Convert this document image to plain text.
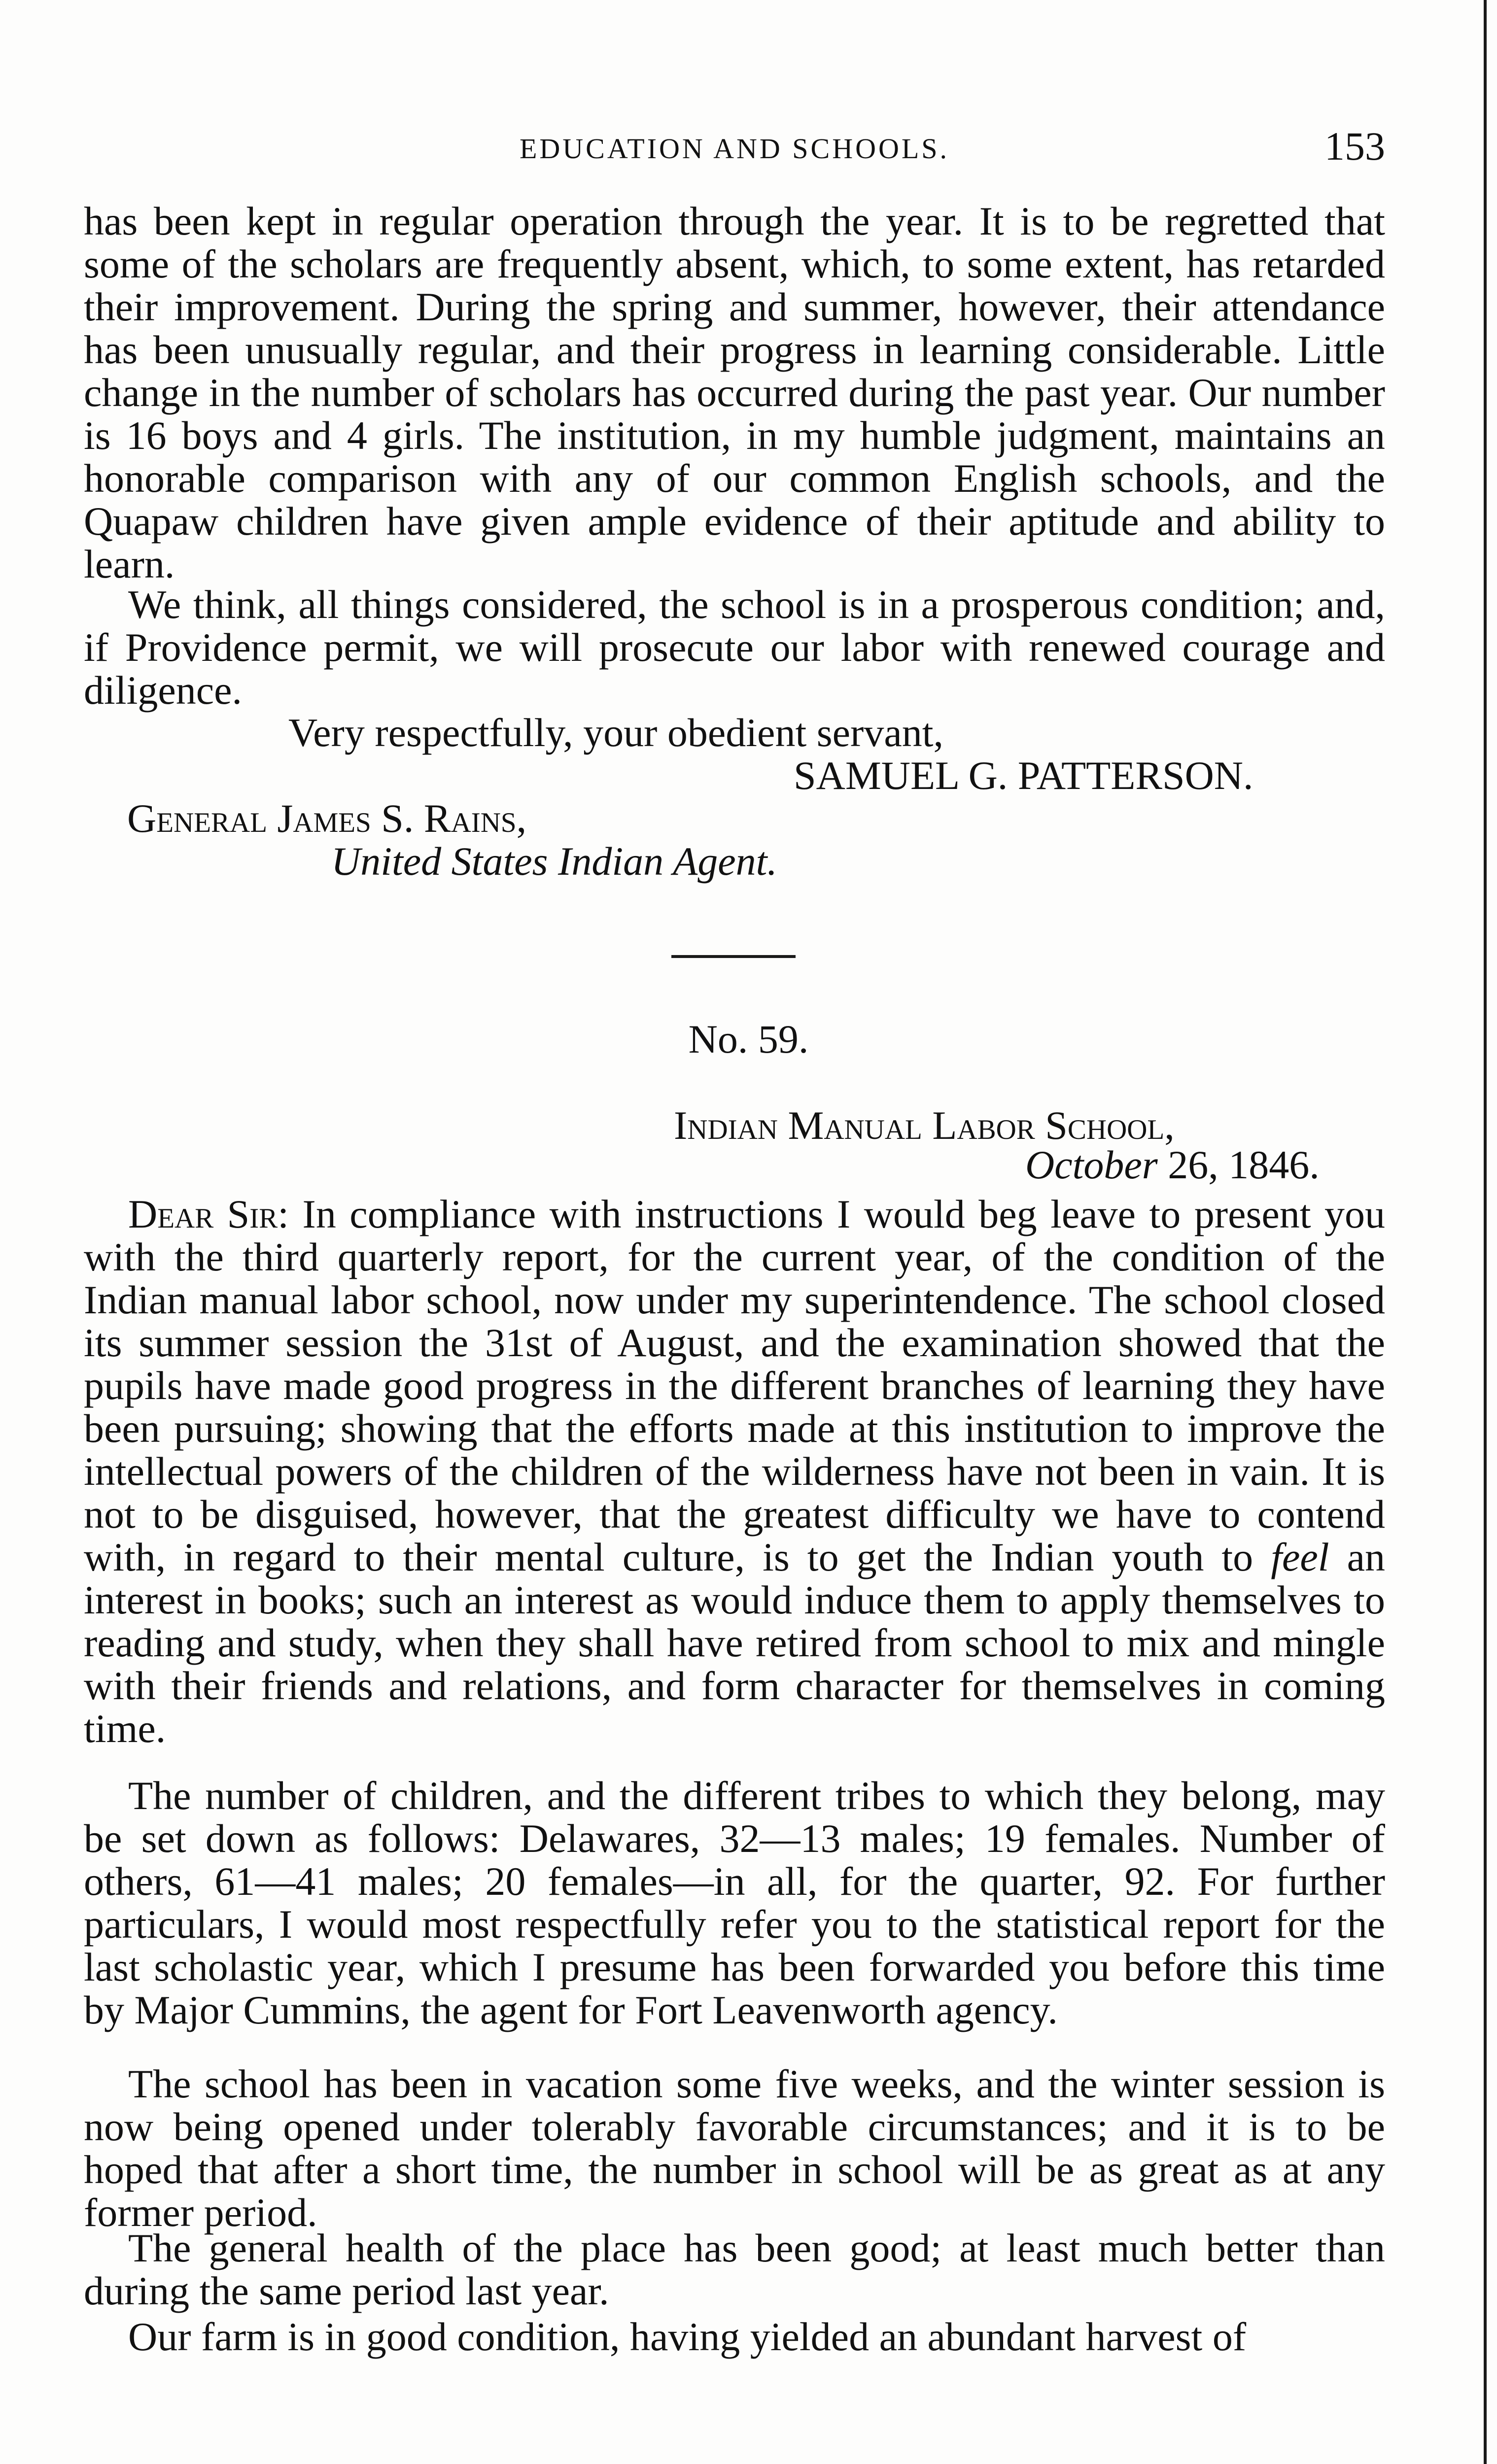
EDUCATION AND SCHOOLS.	153

has been kept in regular operation through the year. It is to be regretted that some of the scholars are frequently absent, which, to some extent, has retarded their improvement. During the spring and summer, however, their attendance has been unusually regular, and their progress in learning considerable. Little change in the number of scholars has occurred during the past year. Our number is 16 boys and 4 girls. The institution, in my humble judgment, maintains an honorable comparison with any of our common English schools, and the Quapaw children have given ample evidence of their aptitude and ability to learn.

We think, all things considered, the school is in a prosperous condition; and, if Providence permit, we will prosecute our labor with renewed courage and diligence.

Very respectfully, your obedient servant,
SAMUEL G. PATTERSON.
General James S. Rains,
United States Indian Agent.
No. 59.
Indian Manual Labor School,
October 26, 1846.

Dear Sir: In compliance with instructions I would beg leave to present you with the third quarterly report, for the current year, of the condition of the Indian manual labor school, now under my superintendence. The school closed its summer session the 31st of August, and the examination showed that the pupils have made good progress in the different branches of learning they have been pursuing; showing that the efforts made at this institution to improve the intellectual powers of the children of the wilderness have not been in vain. It is not to be disguised, however, that the greatest difficulty we have to contend with, in regard to their mental culture, is to get the Indian youth to feel an interest in books; such an interest as would induce them to apply themselves to reading and study, when they shall have retired from school to mix and mingle with their friends and relations, and form character for themselves in coming time.

The number of children, and the different tribes to which they belong, may be set down as follows: Delawares, 32—13 males; 19 females. Number of others, 61—41 males; 20 females—in all, for the quarter, 92. For further particulars, I would most respectfully refer you to the statistical report for the last scholastic year, which I presume has been forwarded you before this time by Major Cummins, the agent for Fort Leavenworth agency.

The school has been in vacation some five weeks, and the winter session is now being opened under tolerably favorable circumstances; and it is to be hoped that after a short time, the number in school will be as great as at any former period.

The general health of the place has been good; at least much better than during the same period last year.

Our farm is in good condition, having yielded an abundant harvest of
